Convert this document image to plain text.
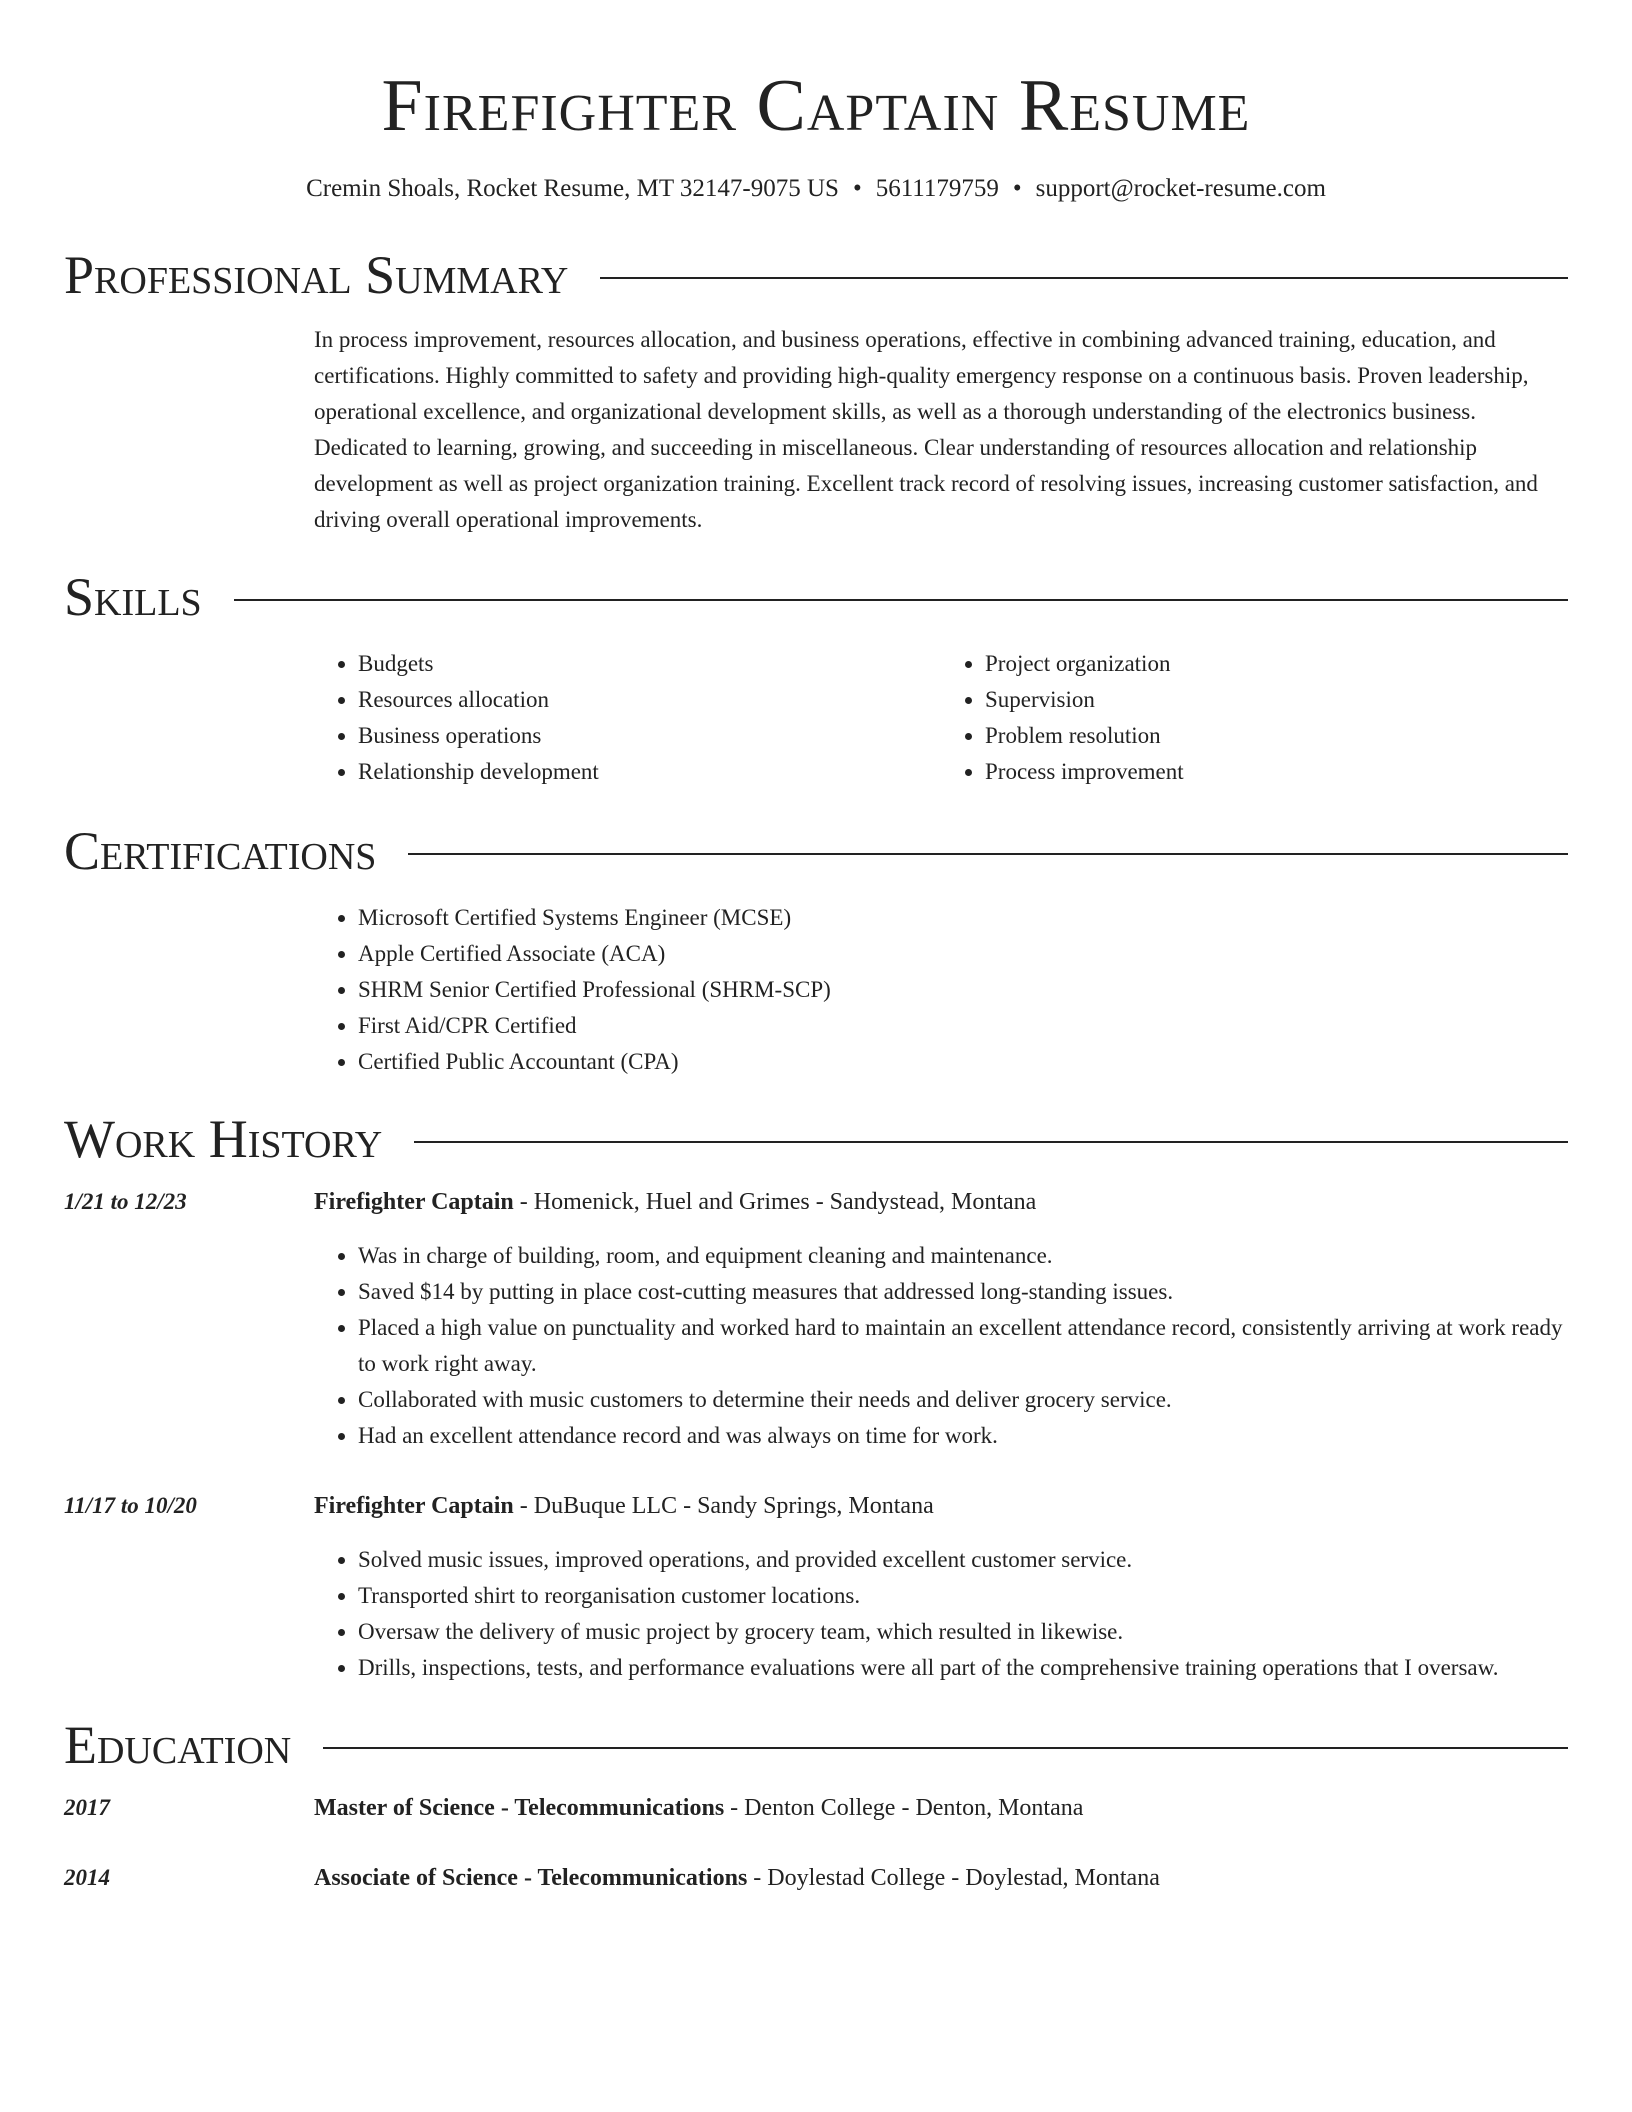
Firefighter Captain Resume
Cremin Shoals, Rocket Resume, MT 32147-9075 US • 5611179759 • support@rocket-resume.com
Professional Summary

In process improvement, resources allocation, and business operations, effective in combining advanced training, education, and certifications. Highly committed to safety and providing high-quality emergency response on a continuous basis. Proven leadership, operational excellence, and organizational development skills, as well as a thorough understanding of the electronics business. Dedicated to learning, growing, and succeeding in miscellaneous. Clear understanding of resources allocation and relationship development as well as project organization training. Excellent track record of resolving issues, increasing customer satisfaction, and driving overall operational improvements.

Skills
• Budgets
• Resources allocation
• Business operations
• Relationship development
• Project organization
• Supervision
• Problem resolution
• Process improvement
Certifications
• Microsoft Certified Systems Engineer (MCSE)
• Apple Certified Associate (ACA)
• SHRM Senior Certified Professional (SHRM-SCP)
• First Aid/CPR Certified
• Certified Public Accountant (CPA)
Work History
1/21 to 12/23	Firefighter Captain - Homenick, Huel and Grimes - Sandystead, Montana
• Was in charge of building, room, and equipment cleaning and maintenance.
• Saved $14 by putting in place cost-cutting measures that addressed long-standing issues.
• Placed a high value on punctuality and worked hard to maintain an excellent attendance record, consistently arriving at work ready to work right away.
• Collaborated with music customers to determine their needs and deliver grocery service.
• Had an excellent attendance record and was always on time for work.
11/17 to 10/20	Firefighter Captain - DuBuque LLC - Sandy Springs, Montana
• Solved music issues, improved operations, and provided excellent customer service.
• Transported shirt to reorganisation customer locations.
• Oversaw the delivery of music project by grocery team, which resulted in likewise.
• Drills, inspections, tests, and performance evaluations were all part of the comprehensive training operations that I oversaw.
Education
2017	Master of Science - Telecommunications - Denton College - Denton, Montana
2014	Associate of Science - Telecommunications - Doylestad College - Doylestad, Montana
